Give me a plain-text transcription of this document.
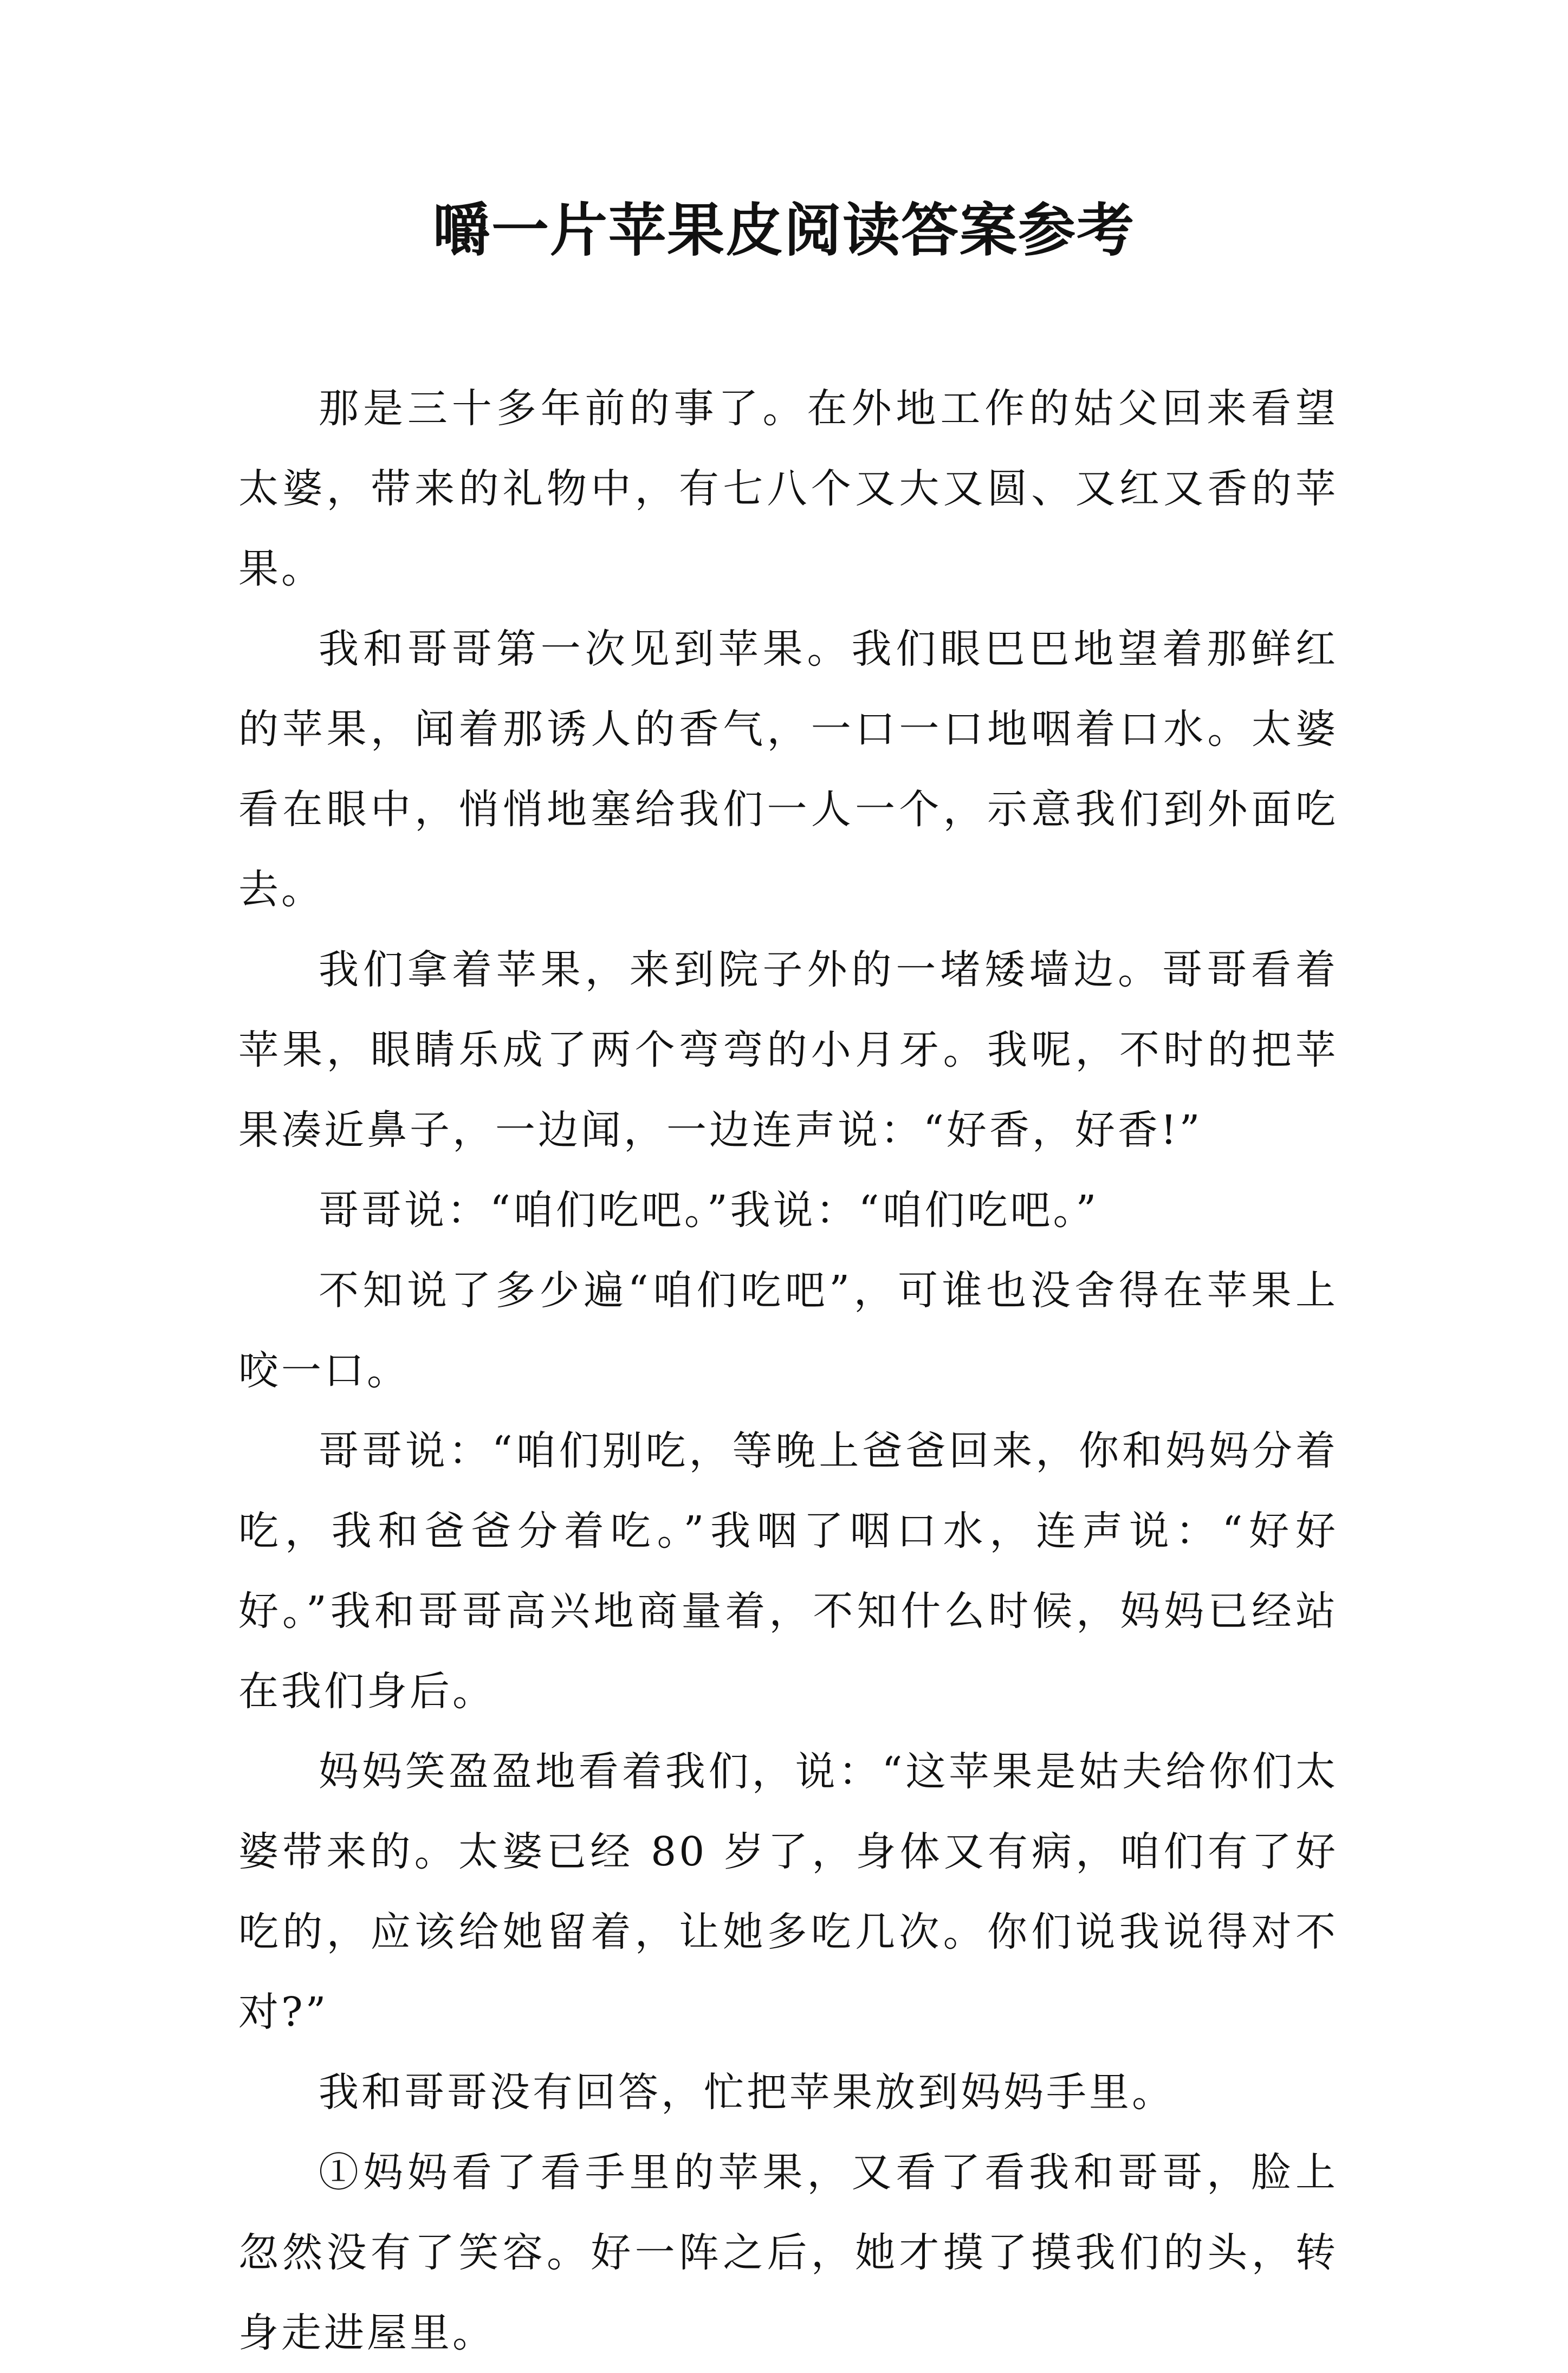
嚼一片苹果皮阅读答案参考

那是三十多年前的事了。在外地工作的姑父回来看望太婆，带来的礼物中，有七八个又大又圆、又红又香的苹果。

我和哥哥第一次见到苹果。我们眼巴巴地望着那鲜红的苹果，闻着那诱人的香气，一口一口地咽着口水。太婆看在眼中，悄悄地塞给我们一人一个，示意我们到外面吃去。

我们拿着苹果，来到院子外的一堵矮墙边。哥哥看着苹果，眼睛乐成了两个弯弯的小月牙。我呢，不时的把苹果凑近鼻子，一边闻，一边连声说：“好香，好香!”

哥哥说：“咱们吃吧。”我说：“咱们吃吧。”

不知说了多少遍“咱们吃吧”，可谁也没舍得在苹果上咬一口。

哥哥说：“咱们别吃，等晚上爸爸回来，你和妈妈分着吃，我和爸爸分着吃。”我咽了咽口水，连声说：“好好好。”我和哥哥高兴地商量着，不知什么时候，妈妈已经站在我们身后。

妈妈笑盈盈地看着我们，说：“这苹果是姑夫给你们太婆带来的。太婆已经 80 岁了，身体又有病，咱们有了好吃的，应该给她留着，让她多吃几次。你们说我说得对不对?”

我和哥哥没有回答，忙把苹果放到妈妈手里。

①妈妈看了看手里的苹果，又看了看我和哥哥，脸上忽然没有了笑容。好一阵之后，她才摸了摸我们的头，转身走进屋里。
